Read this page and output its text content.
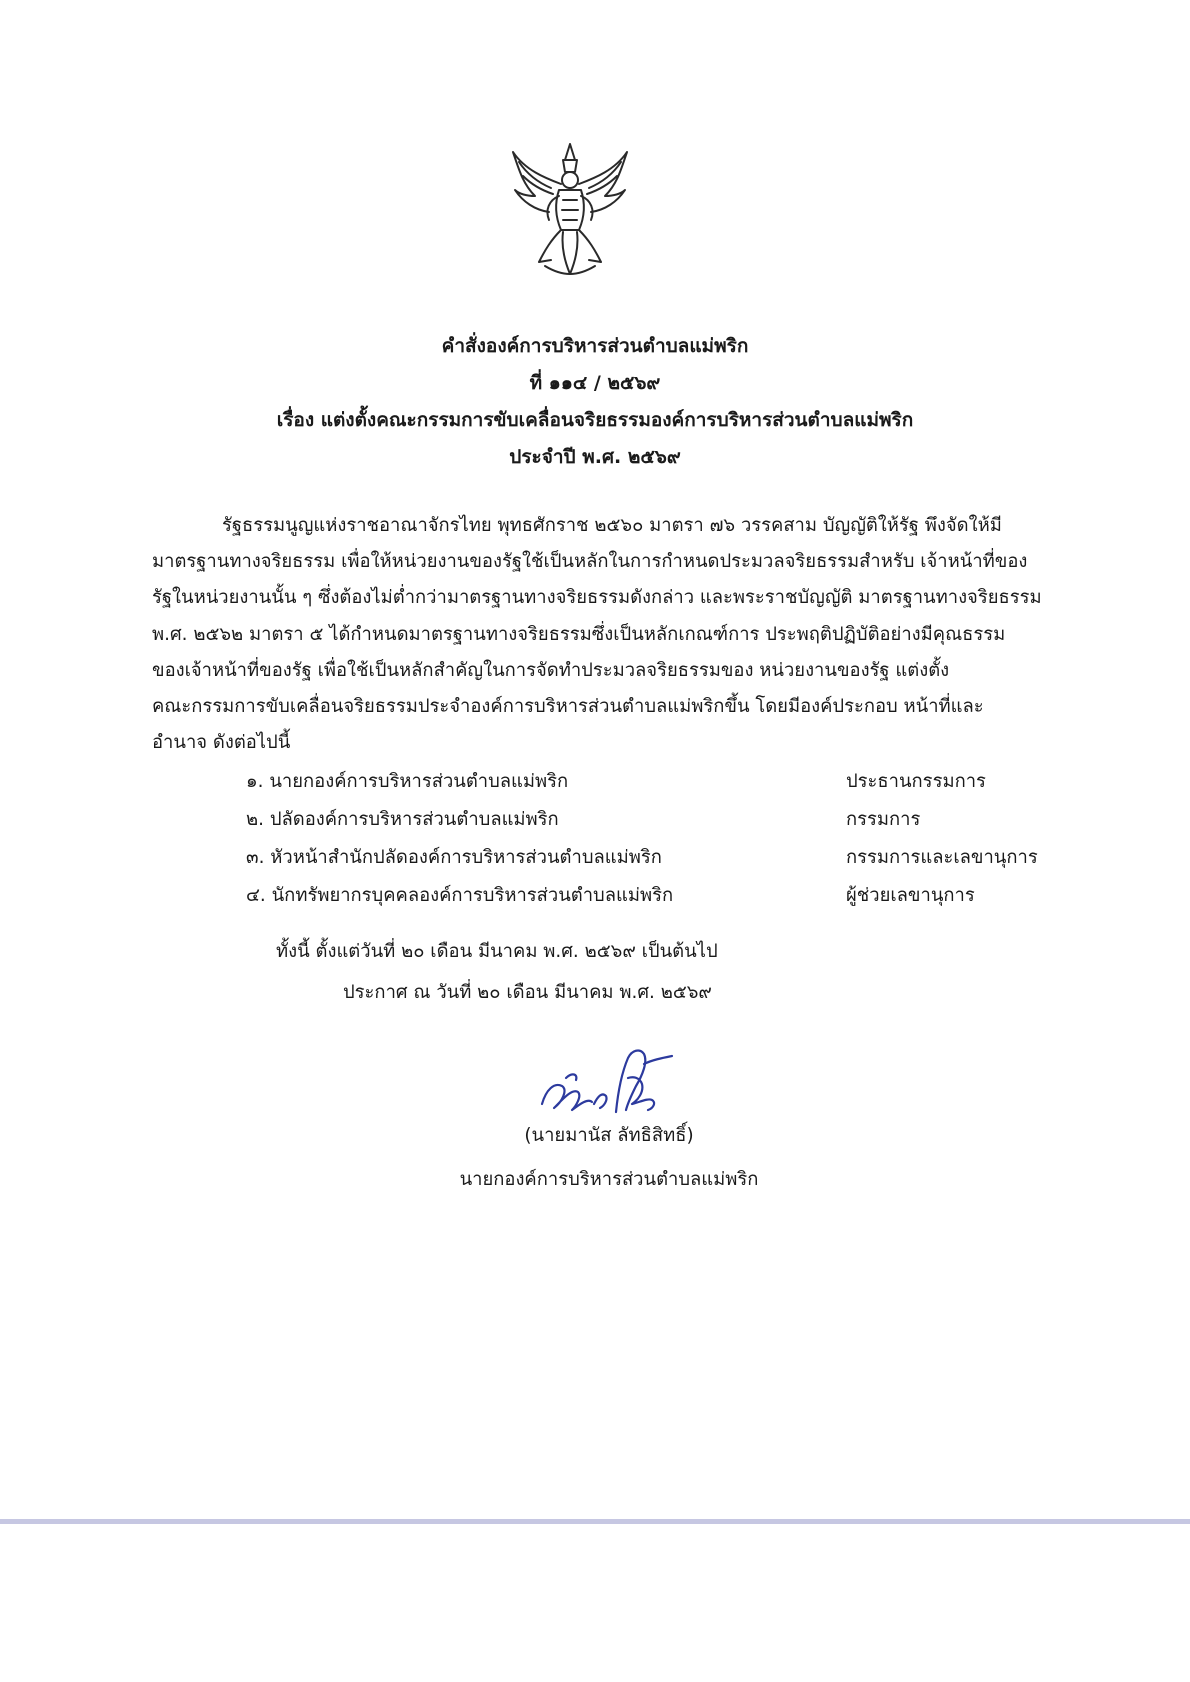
คำสั่งองค์การบริหารส่วนตำบลแม่พริก
ที่ ๑๑๔ / ๒๕๖๙
เรื่อง แต่งตั้งคณะกรรมการขับเคลื่อนจริยธรรมองค์การบริหารส่วนตำบลแม่พริก
ประจำปี พ.ศ. ๒๕๖๙

รัฐธรรมนูญแห่งราชอาณาจักรไทย พุทธศักราช ๒๕๖๐ มาตรา ๗๖ วรรคสาม บัญญัติให้รัฐ พึงจัดให้มี
มาตรฐานทางจริยธรรม เพื่อให้หน่วยงานของรัฐใช้เป็นหลักในการกำหนดประมวลจริยธรรมสำหรับ เจ้าหน้าที่ของ
รัฐในหน่วยงานนั้น ๆ ซึ่งต้องไม่ต่ำกว่ามาตรฐานทางจริยธรรมดังกล่าว และพระราชบัญญัติ มาตรฐานทางจริยธรรม
พ.ศ. ๒๕๖๒ มาตรา ๕ ได้กำหนดมาตรฐานทางจริยธรรมซึ่งเป็นหลักเกณฑ์การ ประพฤติปฏิบัติอย่างมีคุณธรรม
ของเจ้าหน้าที่ของรัฐ เพื่อใช้เป็นหลักสำคัญในการจัดทำประมวลจริยธรรมของ หน่วยงานของรัฐ แต่งตั้ง
คณะกรรมการขับเคลื่อนจริยธรรมประจำองค์การบริหารส่วนตำบลแม่พริกขึ้น โดยมีองค์ประกอบ หน้าที่และ
อำนาจ ดังต่อไปนี้

๑. นายกองค์การบริหารส่วนตำบลแม่พริก	ประธานกรรมการ
๒. ปลัดองค์การบริหารส่วนตำบลแม่พริก	กรรมการ
๓. หัวหน้าสำนักปลัดองค์การบริหารส่วนตำบลแม่พริก	กรรมการและเลขานุการ
๔. นักทรัพยากรบุคคลองค์การบริหารส่วนตำบลแม่พริก	ผู้ช่วยเลขานุการ
ทั้งนี้ ตั้งแต่วันที่ ๒๐ เดือน มีนาคม พ.ศ. ๒๕๖๙ เป็นต้นไป
ประกาศ ณ วันที่ ๒๐ เดือน มีนาคม พ.ศ. ๒๕๖๙
(นายมานัส ลัทธิสิทธิ์)
นายกองค์การบริหารส่วนตำบลแม่พริก
